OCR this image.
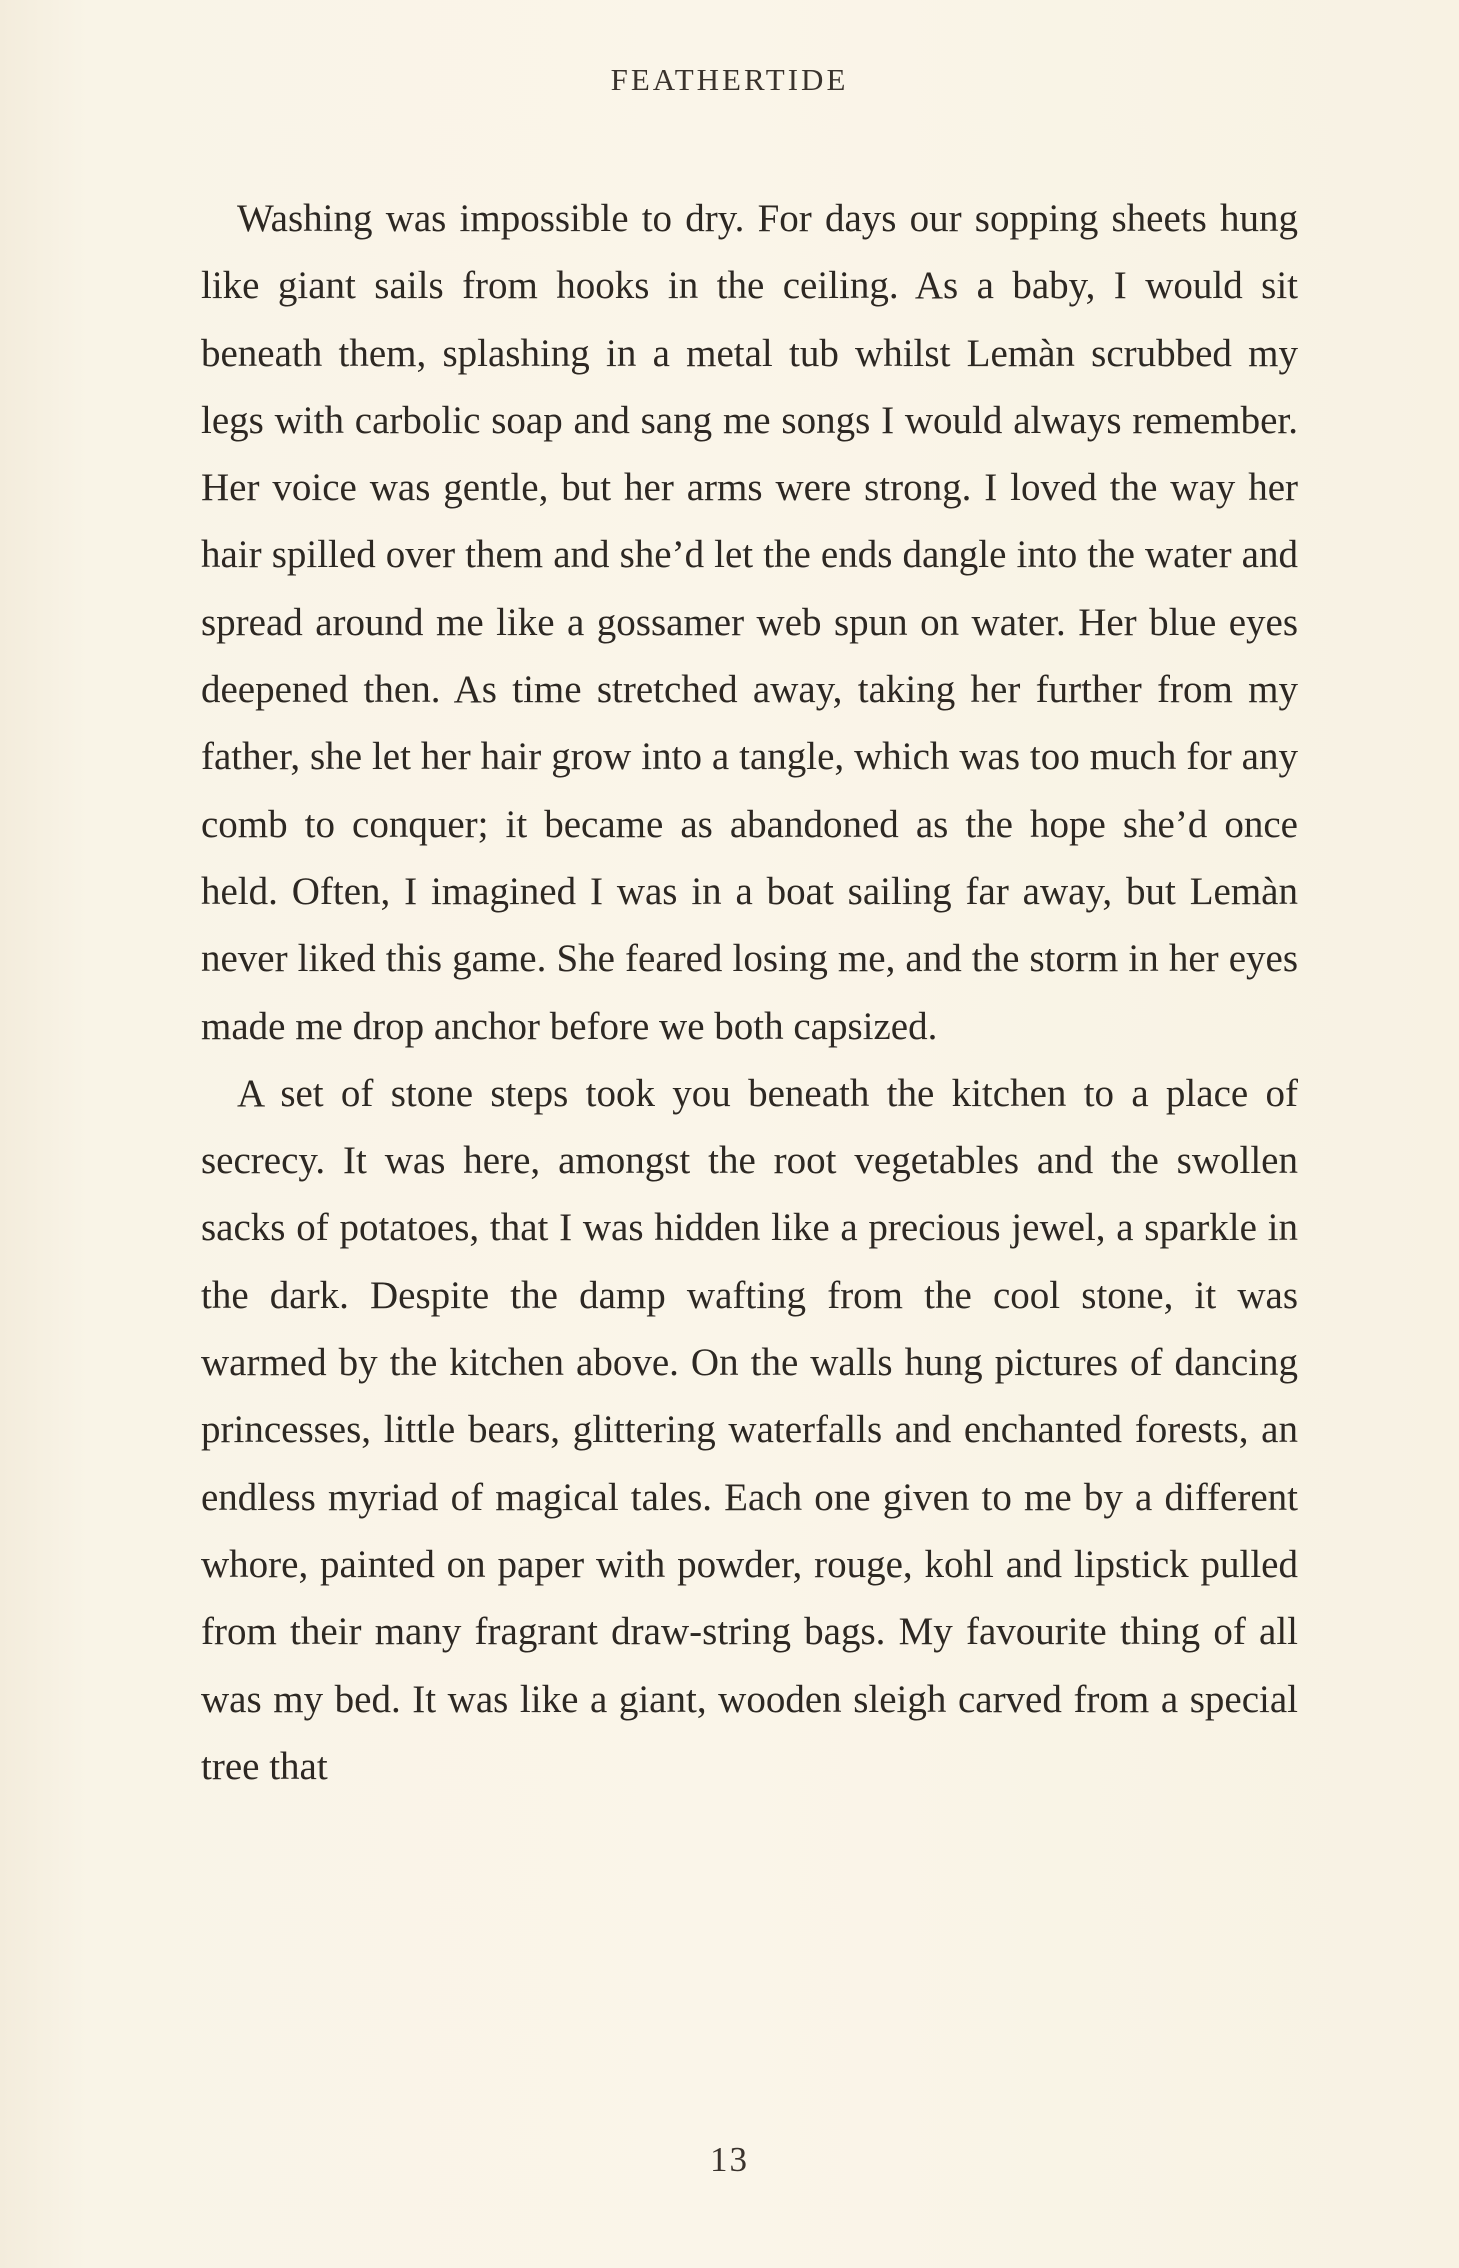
FEATHERTIDE

Washing was impossible to dry. For days our sopping sheets hung like giant sails from hooks in the ceiling. As a baby, I would sit beneath them, splashing in a metal tub whilst Lemàn scrubbed my legs with carbolic soap and sang me songs I would always remember. Her voice was gentle, but her arms were strong. I loved the way her hair spilled over them and she’d let the ends dangle into the water and spread around me like a gossamer web spun on water. Her blue eyes deepened then. As time stretched away, taking her further from my father, she let her hair grow into a tangle, which was too much for any comb to conquer; it became as abandoned as the hope she’d once held. Often, I imagined I was in a boat sailing far away, but Lemàn never liked this game. She feared losing me, and the storm in her eyes made me drop anchor before we both capsized.

A set of stone steps took you beneath the kitchen to a place of secrecy. It was here, amongst the root vegetables and the swollen sacks of potatoes, that I was hidden like a precious jewel, a sparkle in the dark. Despite the damp wafting from the cool stone, it was warmed by the kitchen above. On the walls hung pictures of dancing princesses, little bears, glittering waterfalls and enchanted forests, an endless myriad of magical tales. Each one given to me by a different whore, painted on paper with powder, rouge, kohl and lipstick pulled from their many fragrant draw-string bags. My favourite thing of all was my bed. It was like a giant, wooden sleigh carved from a special tree that

13
